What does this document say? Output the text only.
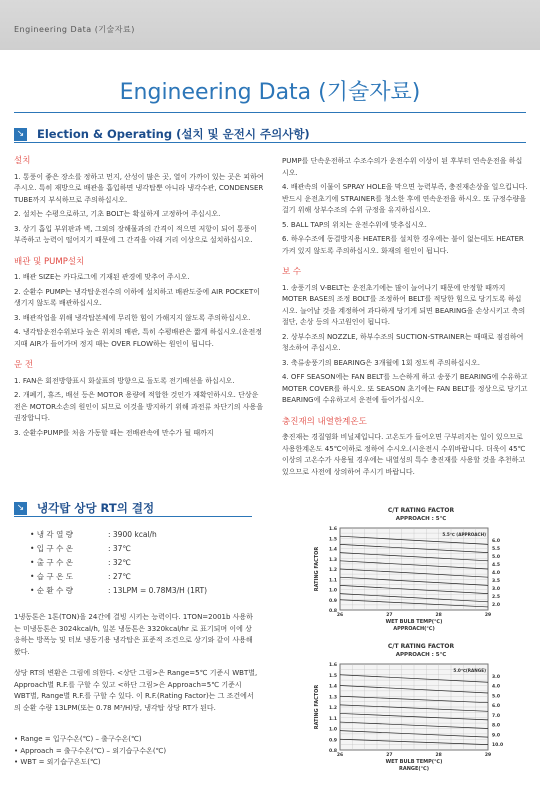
Engineering Data (기술자료)
Engineering Data (기술자료)
↘ Election & Operating (설치 및 운전시 주의사항)
설치
1. 통풍이 좋은 장소를 정하고 먼지, 산성이 많은 곳, 열이 가까이 있는 곳은 피하여 주시오. 특히 재방으로 배관을 흡입하면 냉각탑뿐 아니라 냉각수관, CONDENSER TUBE까지 부식하므로 주의하십시오.
2. 설치는 수평으로하고, 기초 BOLT는 확실하게 고정하여 주십시오.
3. 상기 흡입 부위판과 벽, 그외의 장해물과의 간격이 적으면 저항이 되어 통풍이 부족하고 능력이 떨어지기 때문에 그 간격을 아래 거리 이상으로 설치하십시오.
배관 및 PUMP설치
1. 배관 SIZE는 카다로그에 기재된 관경에 맞추어 주시오.
2. 순환수 PUMP는 냉각탑운전수의 이하에 설치하고 배관도중에 AIR POCKET이 생기지 않도록 배관하십시오.
3. 배관작업을 위해 냉각탑본체에 무리한 힘이 가해지지 않도록 주의하십시오.
4. 냉각탑운전수위보다 높은 위치의 배관, 특히 수평배관은 짧게 하십시오.(운전정지때 AIR가 들어가며 정지 때는 OVER FLOW하는 원인이 됩니다.
운 전
1. FAN은 회전방향표시 화살표의 방향으로 돌도록 전기배선을 하십시오.
2. 개폐기, 휴즈, 배선 등은 MOTOR 용량에 적합한 것인가 재확인하시오. 단상운전은 MOTOR소손의 원인이 되므로 이것을 방지하기 위해 과전류 차단기의 사용을 권장합니다.
3. 순환수PUMP를 처음 가동할 때는 전배관속에 만수가 될 때까지
PUMP를 단속운전하고 수조수의가 운전수위 이상이 된 후부터 연속운전을 하십시오.
4. 배관속의 이물이 SPRAY HOLE을 막으면 능력부족, 충진재손상을 일으킵니다. 반드시 운전초기에 STRAINER를 청소한 후에 연속운전을 하시오. 또 규정수량을 걸기 위해 상부수조의 수위 규정을 유지하십시오.
5. BALL TAP의 위치는 운전수위에 맞추십시오.
6. 하우수조에 동결방지용 HEATER를 설치한 경우에는 불이 없는데도 HEATER가켜 있지 않도록 주의하십시오. 화재의 원인이 됩니다.
보 수
1. 송풍기의 V-BELT는 운전초기에는 많이 늘어나기 때문에 안정할 때까지 MOTER BASE의 조정 BOLT를 조정하여 BELT를 적당한 힘으로 당기도록 하십시오. 늘어날 것을 계정하여 과다하게 당기게 되면 BEARING을 손상시키고 축의 절단, 손상 등의 사고원인이 됩니다.
2. 상부수조의 NOZZLE, 하부수조의 SUCTION-STRAINER는 때때로 점검하여 청소하여 주십시오.
3. 축류송풍기의 BEARING은 3개월에 1회 정도씩 주의하십시오.
4. OFF SEASON에는 FAN BELT를 느슨하게 하고 송풍기 BEARING에 수유하고 MOTER COVER를 하시오. 또 SEASON 초기에는 FAN BELT를 정상으로 당기고 BEARING에 수유하고서 운전에 들어가십시오.
충진재의 내열한계온도
충진재는 경질염화 비닐제입니다. 고온도가 들어오면 구부러지는 일이 있으므로 사용한계온도 45℃이하로 정하여 수시오.(시운전시 수위바랍니다. 더욱이 45℃이상의 고온수가 사용될 경우에는 내열성의 특수 충진재를 사용할 것을 추천하고 있으므로 사전에 상의하여 주시기 바랍니다.
↘ 냉각탑 상당 RT의 결정
• 냉 각 열 량	: 3900 kcal/h
• 입 구 수 온	: 37℃
• 출 구 수 온	: 32℃
• 습 구 온 도	: 27℃
• 순 환 수 량	: 13LPM = 0.78M3/H (1RT)
1냉동톤은 1톤(TON)을 24간에 결빙 시키는 능력이다. 1TON=2001b 사용하는 미냉동톤은 3024kcal/h, 일본 냉동톤은 3320kcal/hr 로 표기되며 이에 상응하는 방폭능 및 터보 냉동기용 냉각탑은 표준적 조건으로 상기와 같이 사용해 왔다.
상당 RT의 변환은 그림에 의한다. <상단 그림>은 Range=5℃ 기준시 WBT별, Approach별 R.F.를 구할 수 있고 <하단 그림>은 Approach=5℃ 기준시 WBT별, Range별 R.F.를 구할 수 있다. 이 R.F.(Rating Factor)는 그 조건에서의 순환 수량 13LPM(또는 0.78 M³/H)당, 냉각탑 상당 RT가 된다.
• Range = 입구수온(℃) – 출구수온(℃)
• Approach = 출구수온(℃) – 외기습구수온(℃)
• WBT = 외기습구온도(℃)
C/T RATING FACTOR
APPROACH : 5℃
1.6
1.5
1.4
1.3
1.2
1.1
1.0
0.9
0.8
26	27	28	29
6.0
5.5
5.0
4.5
4.0
3.5
3.0
2.5
2.0
5.5℃ (APPROACH)
WET BULB TEMP(℃)
APPROACH(℃)
RATING FACTOR
C/T RATING FACTOR
APPROACH : 5℃
1.6
1.5
1.4
1.3
1.2
1.1
1.0
0.9
0.8
26	27	28	29
3.0
4.0
5.0
6.0
7.0
8.0
9.0
10.0
5.0℃(RANGE)
WET BULB TEMP(℃)
RANGE(℃)
RATING FACTOR
